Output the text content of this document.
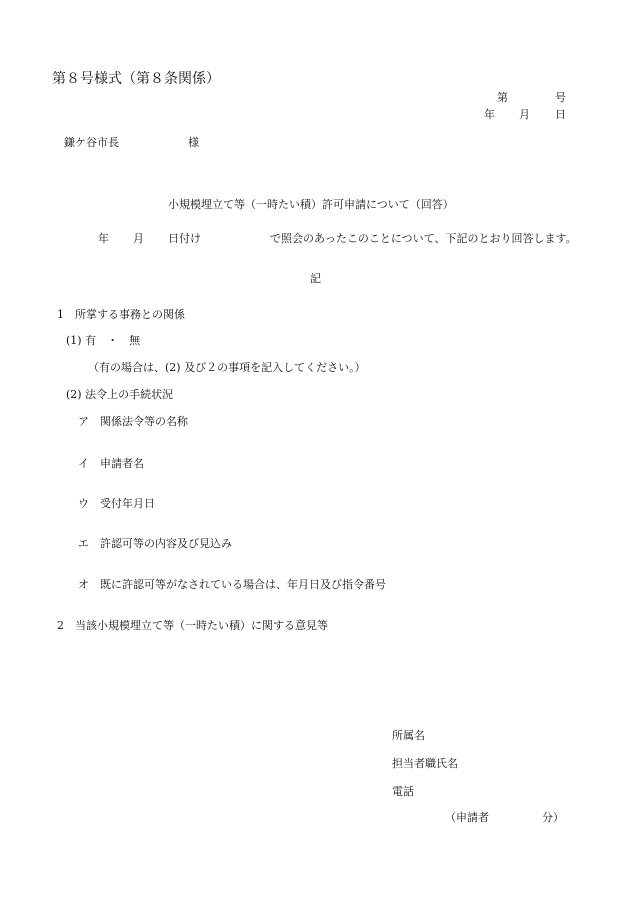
第８号様式（第８条関係）
第	号
年 月 日
鎌ケ谷市長	様
小規模埋立て等（一時たい積）許可申請について（回答）
年 月 日付け	で照会のあったこのことについて、下記のとおり回答します。
記
1　所掌する事務との関係
(1) 有　・　無
（有の場合は、(2) 及び２の事項を記入してください。）
(2) 法令上の手続状況
ア　関係法令等の名称
イ　申請者名
ウ　受付年月日
エ　許認可等の内容及び見込み
オ　既に許認可等がなされている場合は、年月日及び指令番号
2　当該小規模埋立て等（一時たい積）に関する意見等
所属名
担当者職氏名
電話
（申請者	分）
